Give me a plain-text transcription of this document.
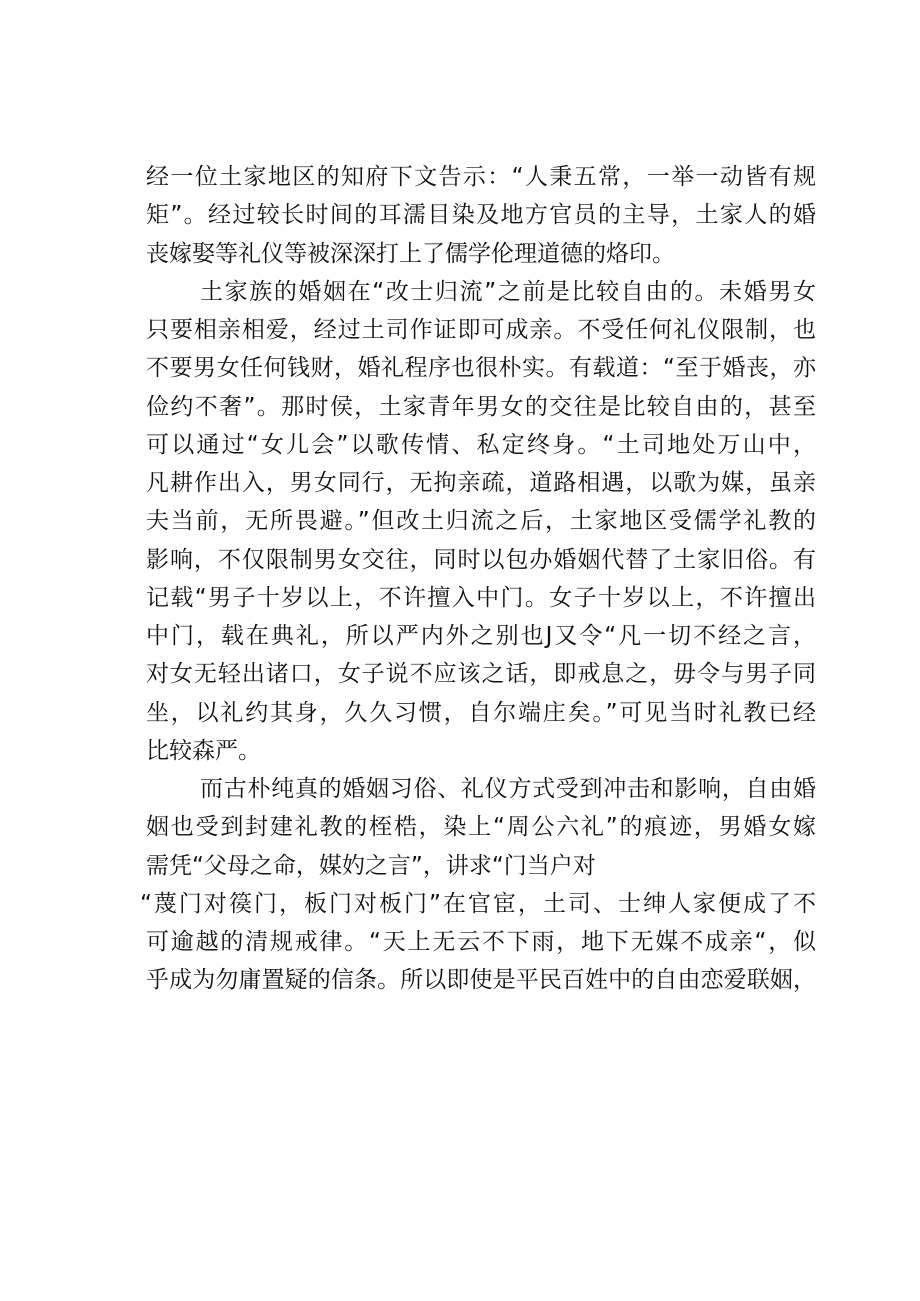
经一位土家地区的知府下文告示：“人秉五常，一举一动皆有规
矩”。经过较长时间的耳濡目染及地方官员的主导，土家人的婚
丧嫁娶等礼仪等被深深打上了儒学伦理道德的烙印。
土家族的婚姻在“改士归流”之前是比较自由的。未婚男女
只要相亲相爱，经过土司作证即可成亲。不受任何礼仪限制，也
不要男女任何钱财，婚礼程序也很朴实。有载道：“至于婚丧，亦
俭约不奢”。那时侯，土家青年男女的交往是比较自由的，甚至
可以通过“女儿会”以歌传情、私定终身。“土司地处万山中，
凡耕作出入，男女同行，无拘亲疏，道路相遇，以歌为媒，虽亲
夫当前，无所畏避。”但改土归流之后，土家地区受儒学礼教的
影响，不仅限制男女交往，同时以包办婚姻代替了土家旧俗。有
记载“男子十岁以上，不许擅入中门。女子十岁以上，不许擅出
中门，载在典礼，所以严内外之别也J又令“凡一切不经之言，
对女无轻出诸口，女子说不应该之话，即戒息之，毋令与男子同
坐，以礼约其身，久久习惯，自尔端庄矣。”可见当时礼教已经
比较森严。
而古朴纯真的婚姻习俗、礼仪方式受到冲击和影响，自由婚
姻也受到封建礼教的桎梏，染上“周公六礼”的痕迹，男婚女嫁
需凭“父母之命，媒妁之言”，讲求“门当户对
“蔑门对篌门，板门对板门”在官宦，土司、士绅人家便成了不
可逾越的清规戒律。“天上无云不下雨，地下无媒不成亲“，似
乎成为勿庸置疑的信条。所以即使是平民百姓中的自由恋爱联姻，
